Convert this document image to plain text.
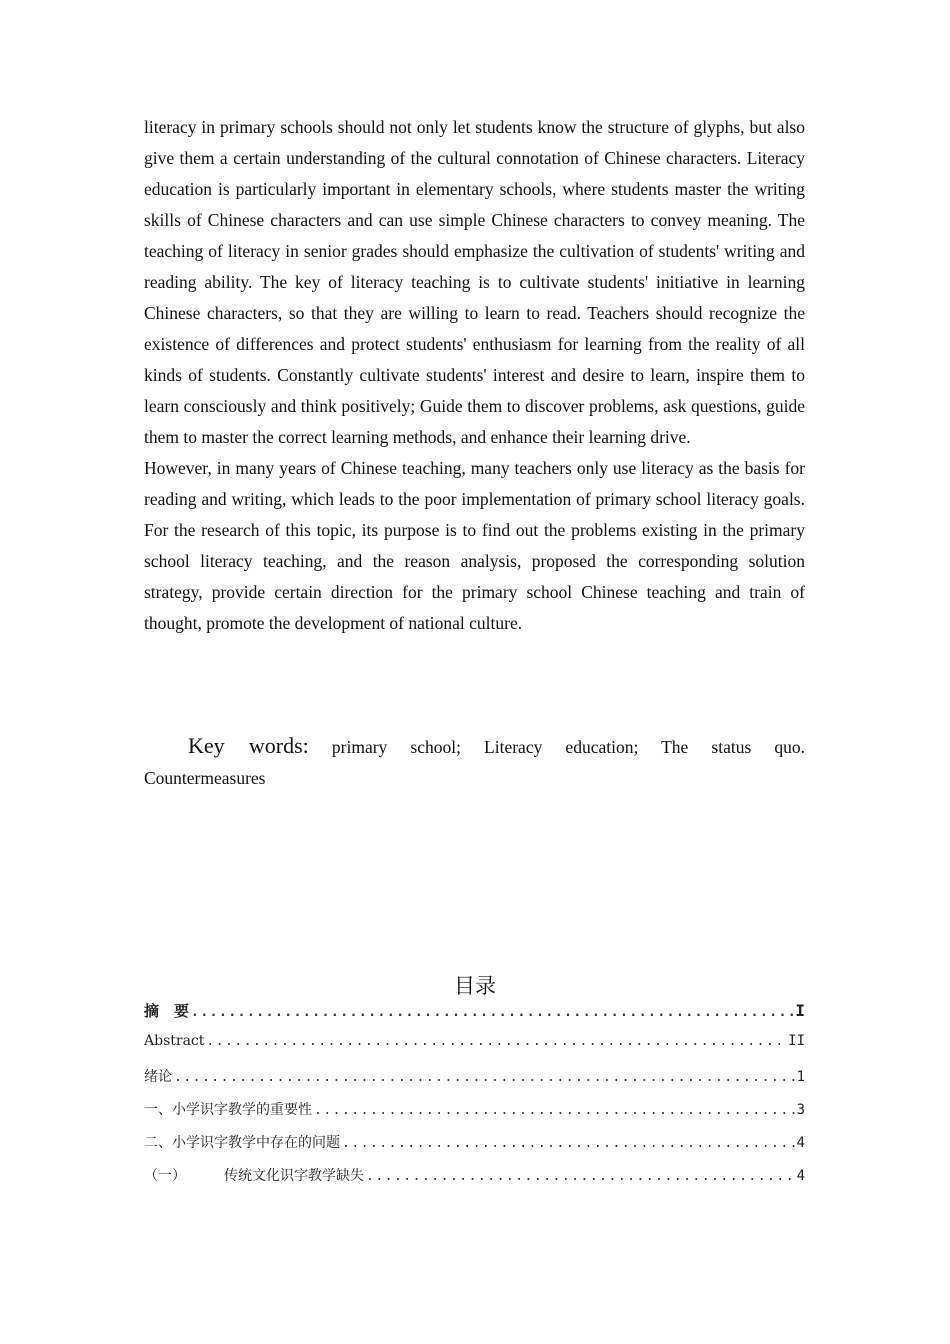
literacy in primary schools should not only let students know the structure of glyphs, but also give them a certain understanding of the cultural connotation of Chinese characters. Literacy education is particularly important in elementary schools, where students master the writing skills of Chinese characters and can use simple Chinese characters to convey meaning. The teaching of literacy in senior grades should emphasize the cultivation of students' writing and reading ability. The key of literacy teaching is to cultivate students' initiative in learning Chinese characters, so that they are willing to learn to read. Teachers should recognize the existence of differences and protect students' enthusiasm for learning from the reality of all kinds of students. Constantly cultivate students' interest and desire to learn, inspire them to learn consciously and think positively; Guide them to discover problems, ask questions, guide them to master the correct learning methods, and enhance their learning drive.

However, in many years of Chinese teaching, many teachers only use literacy as the basis for reading and writing, which leads to the poor implementation of primary school literacy goals. For the research of this topic, its purpose is to find out the problems existing in the primary school literacy teaching, and the reason analysis, proposed the corresponding solution strategy, provide certain direction for the primary school Chinese teaching and train of thought, promote the development of national culture.

Key words: primary school; Literacy education; The status quo.
Countermeasures
目录
摘　要 .....	I
Abstract .....	II
绪论 .....	1
一、小学识字教学的重要性 .....	3
二、小学识字教学中存在的问题 .....	4
（一）	传统文化识字教学缺失 .....	4
